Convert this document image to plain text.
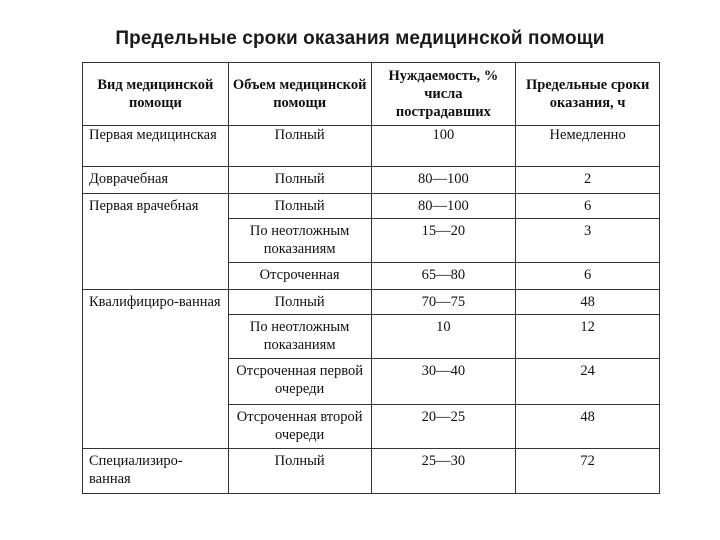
Предельные сроки оказания медицинской помощи
Вид медицинской помощи	Объем медицинской помощи	Нуждаемость, % числа пострадавших	Предельные сроки оказания, ч
Первая медицинская	Полный	100	Немедленно
Доврачебная	Полный	80—100	2
Первая врачебная	Полный	80—100	6
	По неотложным показаниям	15—20	3
	Отсроченная	65—80	6
Квалифициро-ванная	Полный	70—75	48
	По неотложным показаниям	10	12
	Отсроченная первой очереди	30—40	24
	Отсроченная второй очереди	20—25	48
Специализиро-ванная	Полный	25—30	72
